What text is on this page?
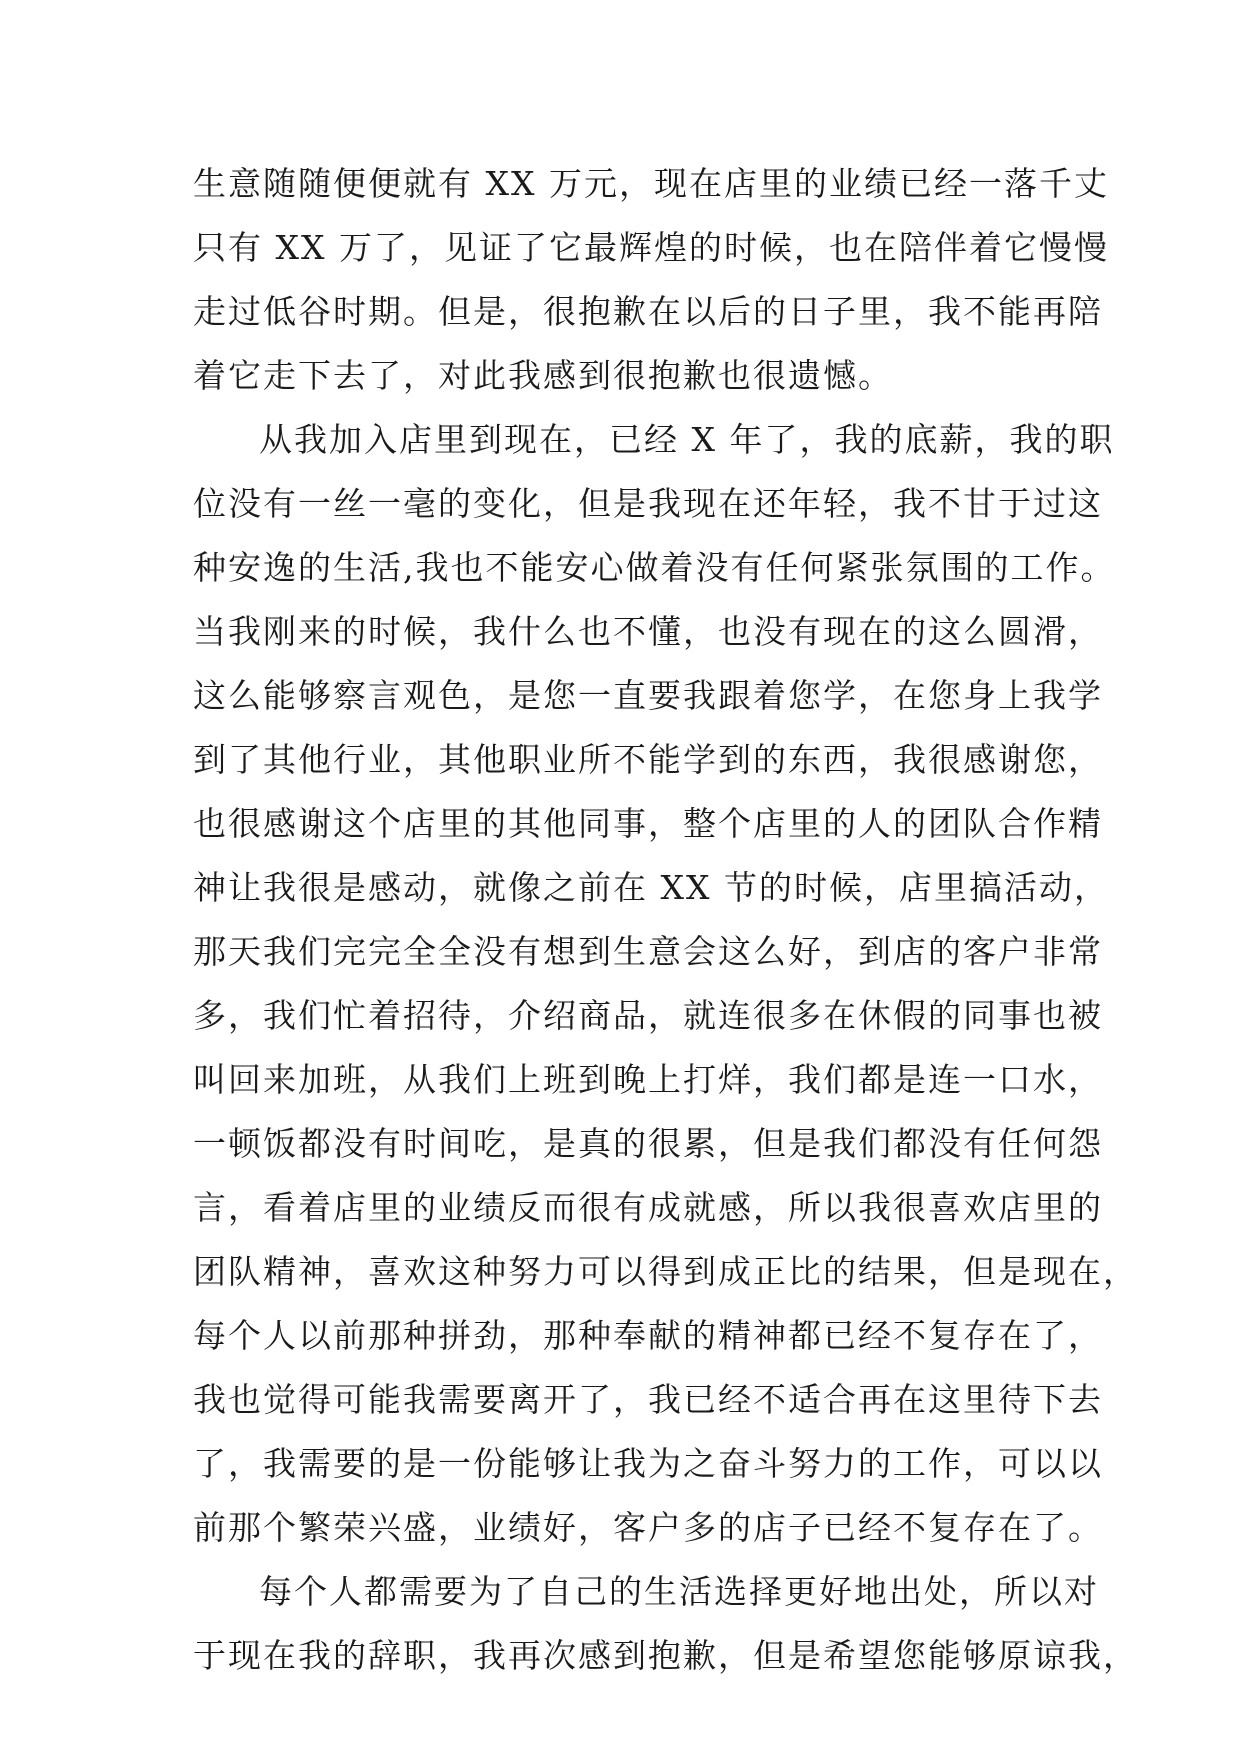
生意随随便便就有 XX 万元，现在店里的业绩已经一落千丈
只有 XX 万了，见证了它最辉煌的时候，也在陪伴着它慢慢
走过低谷时期。但是，很抱歉在以后的日子里，我不能再陪
着它走下去了，对此我感到很抱歉也很遗憾。
从我加入店里到现在，已经 X 年了，我的底薪，我的职
位没有一丝一毫的变化，但是我现在还年轻，我不甘于过这
种安逸的生活,我也不能安心做着没有任何紧张氛围的工作。
当我刚来的时候，我什么也不懂，也没有现在的这么圆滑，
这么能够察言观色，是您一直要我跟着您学，在您身上我学
到了其他行业，其他职业所不能学到的东西，我很感谢您，
也很感谢这个店里的其他同事，整个店里的人的团队合作精
神让我很是感动，就像之前在 XX 节的时候，店里搞活动，
那天我们完完全全没有想到生意会这么好，到店的客户非常
多，我们忙着招待，介绍商品，就连很多在休假的同事也被
叫回来加班，从我们上班到晚上打烊，我们都是连一口水，
一顿饭都没有时间吃，是真的很累，但是我们都没有任何怨
言，看着店里的业绩反而很有成就感，所以我很喜欢店里的
团队精神，喜欢这种努力可以得到成正比的结果，但是现在，
每个人以前那种拼劲，那种奉献的精神都已经不复存在了，
我也觉得可能我需要离开了，我已经不适合再在这里待下去
了，我需要的是一份能够让我为之奋斗努力的工作，可以以
前那个繁荣兴盛，业绩好，客户多的店子已经不复存在了。
每个人都需要为了自己的生活选择更好地出处，所以对
于现在我的辞职，我再次感到抱歉，但是希望您能够原谅我，
